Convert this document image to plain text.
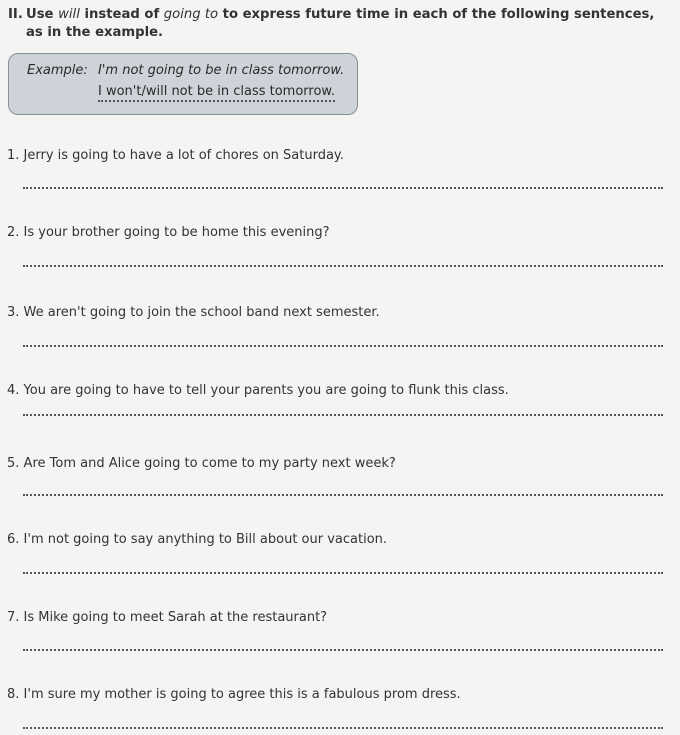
II. Use will instead of going to to express future time in each of the following sentences, as in the example.
Example: I'm not going to be in class tomorrow.
I won't/will not be in class tomorrow.
1. Jerry is going to have a lot of chores on Saturday.
2. Is your brother going to be home this evening?
3. We aren't going to join the school band next semester.
4. You are going to have to tell your parents you are going to flunk this class.
5. Are Tom and Alice going to come to my party next week?
6. I'm not going to say anything to Bill about our vacation.
7. Is Mike going to meet Sarah at the restaurant?
8. I'm sure my mother is going to agree this is a fabulous prom dress.
